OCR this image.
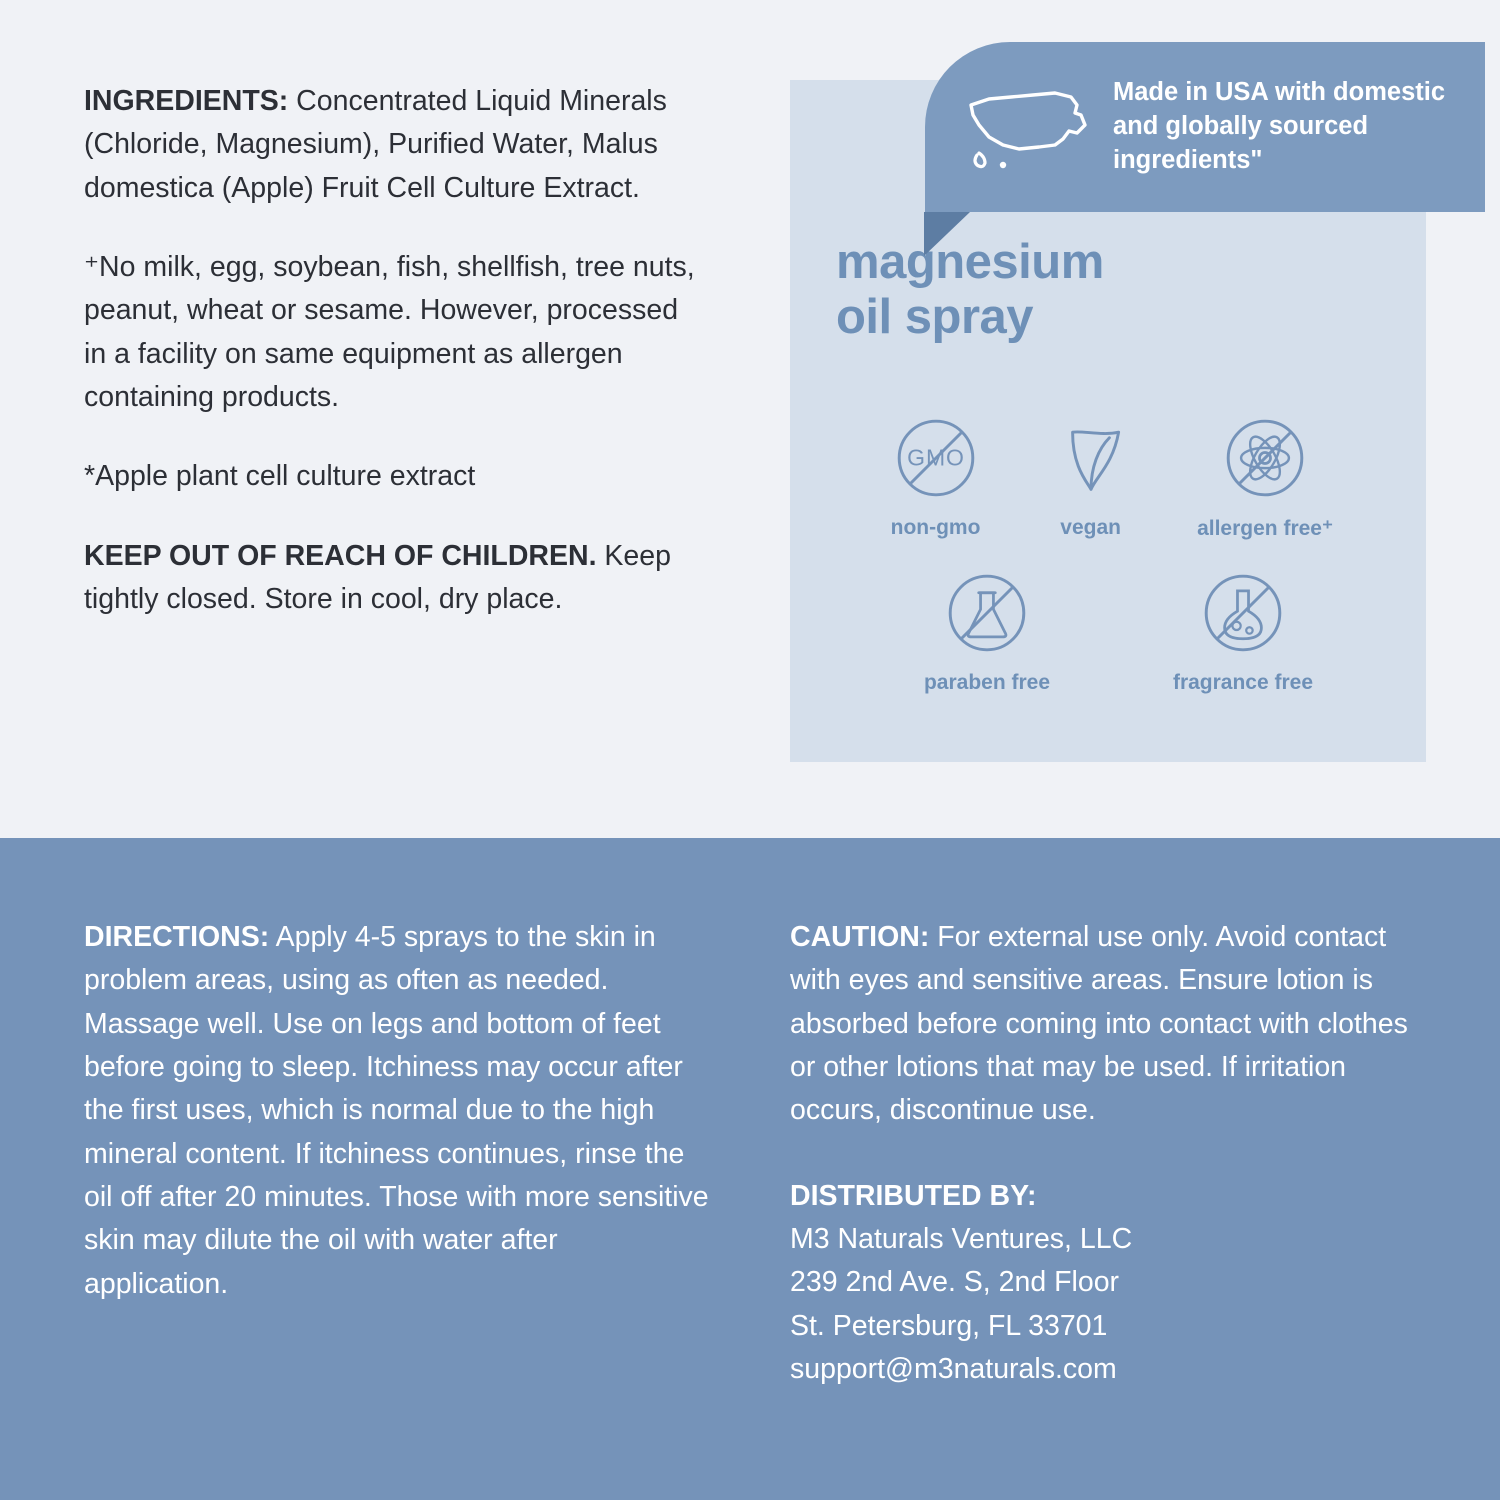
INGREDIENTS: Concentrated Liquid Minerals (Chloride, Magnesium), Purified Water, Malus domestica (Apple) Fruit Cell Culture Extract.

⁺No milk, egg, soybean, fish, shellfish, tree nuts, peanut, wheat or sesame. However, processed in a facility on same equipment as allergen containing products.

*Apple plant cell culture extract

KEEP OUT OF REACH OF CHILDREN. Keep tightly closed. Store in cool, dry place.

magnesium
oil spray
GMO
non-gmo	vegan	allergen free⁺
paraben free	fragrance free
Made in USA with domestic and globally sourced ingredients"

DIRECTIONS: Apply 4-5 sprays to the skin in problem areas, using as often as needed. Massage well. Use on legs and bottom of feet before going to sleep. Itchiness may occur after the first uses, which is normal due to the high mineral content. If itchiness continues, rinse the oil off after 20 minutes. Those with more sensitive skin may dilute the oil with water after application.

CAUTION: For external use only. Avoid contact with eyes and sensitive areas. Ensure lotion is absorbed before coming into contact with clothes or other lotions that may be used. If irritation occurs, discontinue use.

DISTRIBUTED BY:
M3 Naturals Ventures, LLC
239 2nd Ave. S, 2nd Floor
St. Petersburg, FL 33701
support@m3naturals.com
